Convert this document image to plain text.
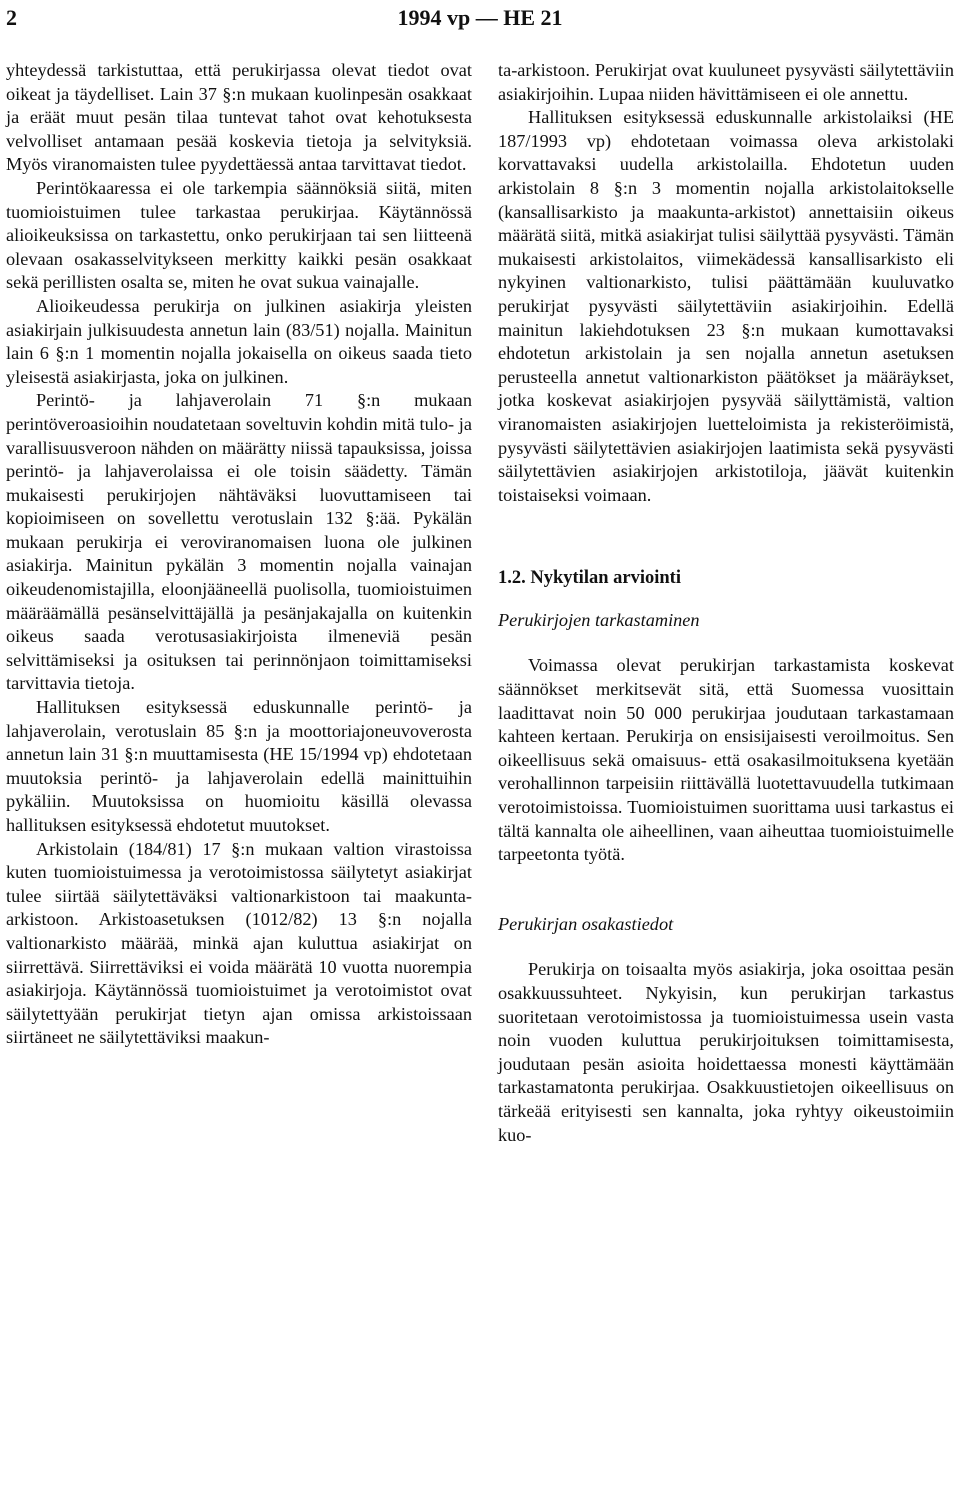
2	1994 vp — HE 21

yhteydessä tarkistuttaa, että perukirjassa olevat tiedot ovat oikeat ja täydelliset. Lain 37 §:n mukaan kuolinpesän osakkaat ja eräät muut pesän tilaa tuntevat tahot ovat kehotuksesta velvolliset antamaan pesää koskevia tietoja ja selvityksiä. Myös viranomaisten tulee pyydettäessä antaa tarvittavat tiedot.

Perintökaaressa ei ole tarkempia säännöksiä siitä, miten tuomioistuimen tulee tarkastaa perukirjaa. Käytännössä alioikeuksissa on tarkastettu, onko perukirjaan tai sen liitteenä olevaan osakasselvitykseen merkitty kaikki pesän osakkaat sekä perillisten osalta se, miten he ovat sukua vainajalle.

Alioikeudessa perukirja on julkinen asiakirja yleisten asiakirjain julkisuudesta annetun lain (83/51) nojalla. Mainitun lain 6 §:n 1 momentin nojalla jokaisella on oikeus saada tieto yleisestä asiakirjasta, joka on julkinen.

Perintö- ja lahjaverolain 71 §:n mukaan perintöveroasioihin noudatetaan soveltuvin kohdin mitä tulo- ja varallisuusveroon nähden on määrätty niissä tapauksissa, joissa perintö- ja lahjaverolaissa ei ole toisin säädetty. Tämän mukaisesti perukirjojen nähtäväksi luovuttamiseen tai kopioimiseen on sovellettu verotuslain 132 §:ää. Pykälän mukaan perukirja ei veroviranomaisen luona ole julkinen asiakirja. Mainitun pykälän 3 momentin nojalla vainajan oikeudenomistajilla, eloonjääneellä puolisolla, tuomioistuimen määräämällä pesänselvittäjällä ja pesänjakajalla on kuitenkin oikeus saada verotusasiakirjoista ilmeneviä pesän selvittämiseksi ja osituksen tai perinnönjaon toimittamiseksi tarvittavia tietoja.

Hallituksen esityksessä eduskunnalle perintö- ja lahjaverolain, verotuslain 85 §:n ja moottoriajoneuvoverosta annetun lain 31 §:n muuttamisesta (HE 15/1994 vp) ehdotetaan muutoksia perintö- ja lahjaverolain edellä mainittuihin pykäliin. Muutoksissa on huomioitu käsillä olevassa hallituksen esityksessä ehdotetut muutokset.

Arkistolain (184/81) 17 §:n mukaan valtion virastoissa kuten tuomioistuimessa ja verotoimistossa säilytetyt asiakirjat tulee siirtää säilytettäväksi valtionarkistoon tai maakunta-arkistoon. Arkistoasetuksen (1012/82) 13 §:n nojalla valtionarkisto määrää, minkä ajan kuluttua asiakirjat on siirrettävä. Siirrettäviksi ei voida määrätä 10 vuotta nuorempia asiakirjoja. Käytännössä tuomioistuimet ja verotoimistot ovat säilytettyään perukirjat tietyn ajan omissa arkistoissaan siirtäneet ne säilytettäviksi maakun-

ta-arkistoon. Perukirjat ovat kuuluneet pysyvästi säilytettäviin asiakirjoihin. Lupaa niiden hävittämiseen ei ole annettu.

Hallituksen esityksessä eduskunnalle arkistolaiksi (HE 187/1993 vp) ehdotetaan voimassa oleva arkistolaki korvattavaksi uudella arkistolailla. Ehdotetun uuden arkistolain 8 §:n 3 momentin nojalla arkistolaitokselle (kansallisarkisto ja maakunta-arkistot) annettaisiin oikeus määrätä siitä, mitkä asiakirjat tulisi säilyttää pysyvästi. Tämän mukaisesti arkistolaitos, viimekädessä kansallisarkisto eli nykyinen valtionarkisto, tulisi päättämään kuuluvatko perukirjat pysyvästi säilytettäviin asiakirjoihin. Edellä mainitun lakiehdotuksen 23 §:n mukaan kumottavaksi ehdotetun arkistolain ja sen nojalla annetun asetuksen perusteella annetut valtionarkiston päätökset ja määräykset, jotka koskevat asiakirjojen pysyvää säilyttämistä, valtion viranomaisten asiakirjojen luetteloimista ja rekisteröimistä, pysyvästi säilytettävien asiakirjojen laatimista sekä pysyvästi säilytettävien asiakirjojen arkistotiloja, jäävät kuitenkin toistaiseksi voimaan.

1.2. Nykytilan arviointi
Perukirjojen tarkastaminen

Voimassa olevat perukirjan tarkastamista koskevat säännökset merkitsevät sitä, että Suomessa vuosittain laadittavat noin 50 000 perukirjaa joudutaan tarkastamaan kahteen kertaan. Perukirja on ensisijaisesti veroilmoitus. Sen oikeellisuus sekä omaisuus- että osakasilmoituksena kyetään verohallinnon tarpeisiin riittävällä luotettavuudella tutkimaan verotoimistoissa. Tuomioistuimen suorittama uusi tarkastus ei tältä kannalta ole aiheellinen, vaan aiheuttaa tuomioistuimelle tarpeetonta työtä.

Perukirjan osakastiedot

Perukirja on toisaalta myös asiakirja, joka osoittaa pesän osakkuussuhteet. Nykyisin, kun perukirjan tarkastus suoritetaan verotoimistossa ja tuomioistuimessa usein vasta noin vuoden kuluttua perukirjoituksen toimittamisesta, joudutaan pesän asioita hoidettaessa monesti käyttämään tarkastamatonta perukirjaa. Osakkuustietojen oikeellisuus on tärkeää erityisesti sen kannalta, joka ryhtyy oikeustoimiin kuo-
